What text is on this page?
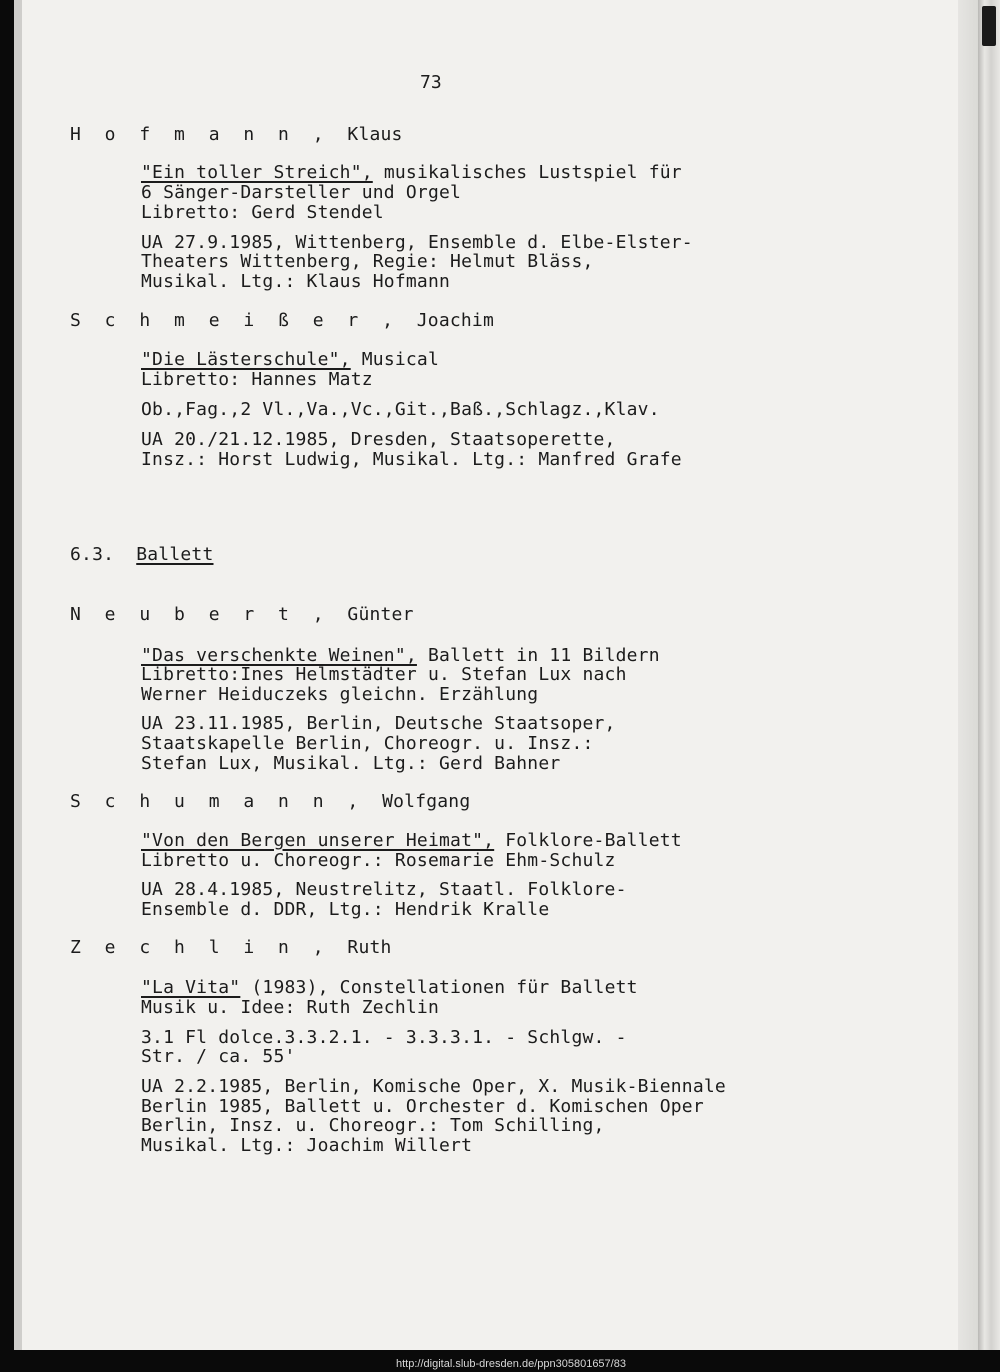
73
H o f m a n n , Klaus
"Ein toller Streich", musikalisches Lustspiel für
6 Sänger-Darsteller und Orgel
Libretto: Gerd Stendel
UA 27.9.1985, Wittenberg, Ensemble d. Elbe-Elster-
Theaters Wittenberg, Regie: Helmut Bläss,
Musikal. Ltg.: Klaus Hofmann
S c h m e i ß e r , Joachim
"Die Lästerschule", Musical
Libretto: Hannes Matz
Ob.,Fag.,2 Vl.,Va.,Vc.,Git.,Baß.,Schlagz.,Klav.
UA 20./21.12.1985, Dresden, Staatsoperette,
Insz.: Horst Ludwig, Musikal. Ltg.: Manfred Grafe
6.3. Ballett
N e u b e r t , Günter
"Das verschenkte Weinen", Ballett in 11 Bildern
Libretto:Ines Helmstädter u. Stefan Lux nach
Werner Heiduczeks gleichn. Erzählung
UA 23.11.1985, Berlin, Deutsche Staatsoper,
Staatskapelle Berlin, Choreogr. u. Insz.:
Stefan Lux, Musikal. Ltg.: Gerd Bahner
S c h u m a n n , Wolfgang
"Von den Bergen unserer Heimat", Folklore-Ballett
Libretto u. Choreogr.: Rosemarie Ehm-Schulz
UA 28.4.1985, Neustrelitz, Staatl. Folklore-
Ensemble d. DDR, Ltg.: Hendrik Kralle
Z e c h l i n , Ruth
"La Vita" (1983), Constellationen für Ballett
Musik u. Idee: Ruth Zechlin
3.1 Fl dolce.3.3.2.1. - 3.3.3.1. - Schlgw. -
Str. / ca. 55'
UA 2.2.1985, Berlin, Komische Oper, X. Musik-Biennale
Berlin 1985, Ballett u. Orchester d. Komischen Oper
Berlin, Insz. u. Choreogr.: Tom Schilling,
Musikal. Ltg.: Joachim Willert
http://digital.slub-dresden.de/ppn305801657/83
